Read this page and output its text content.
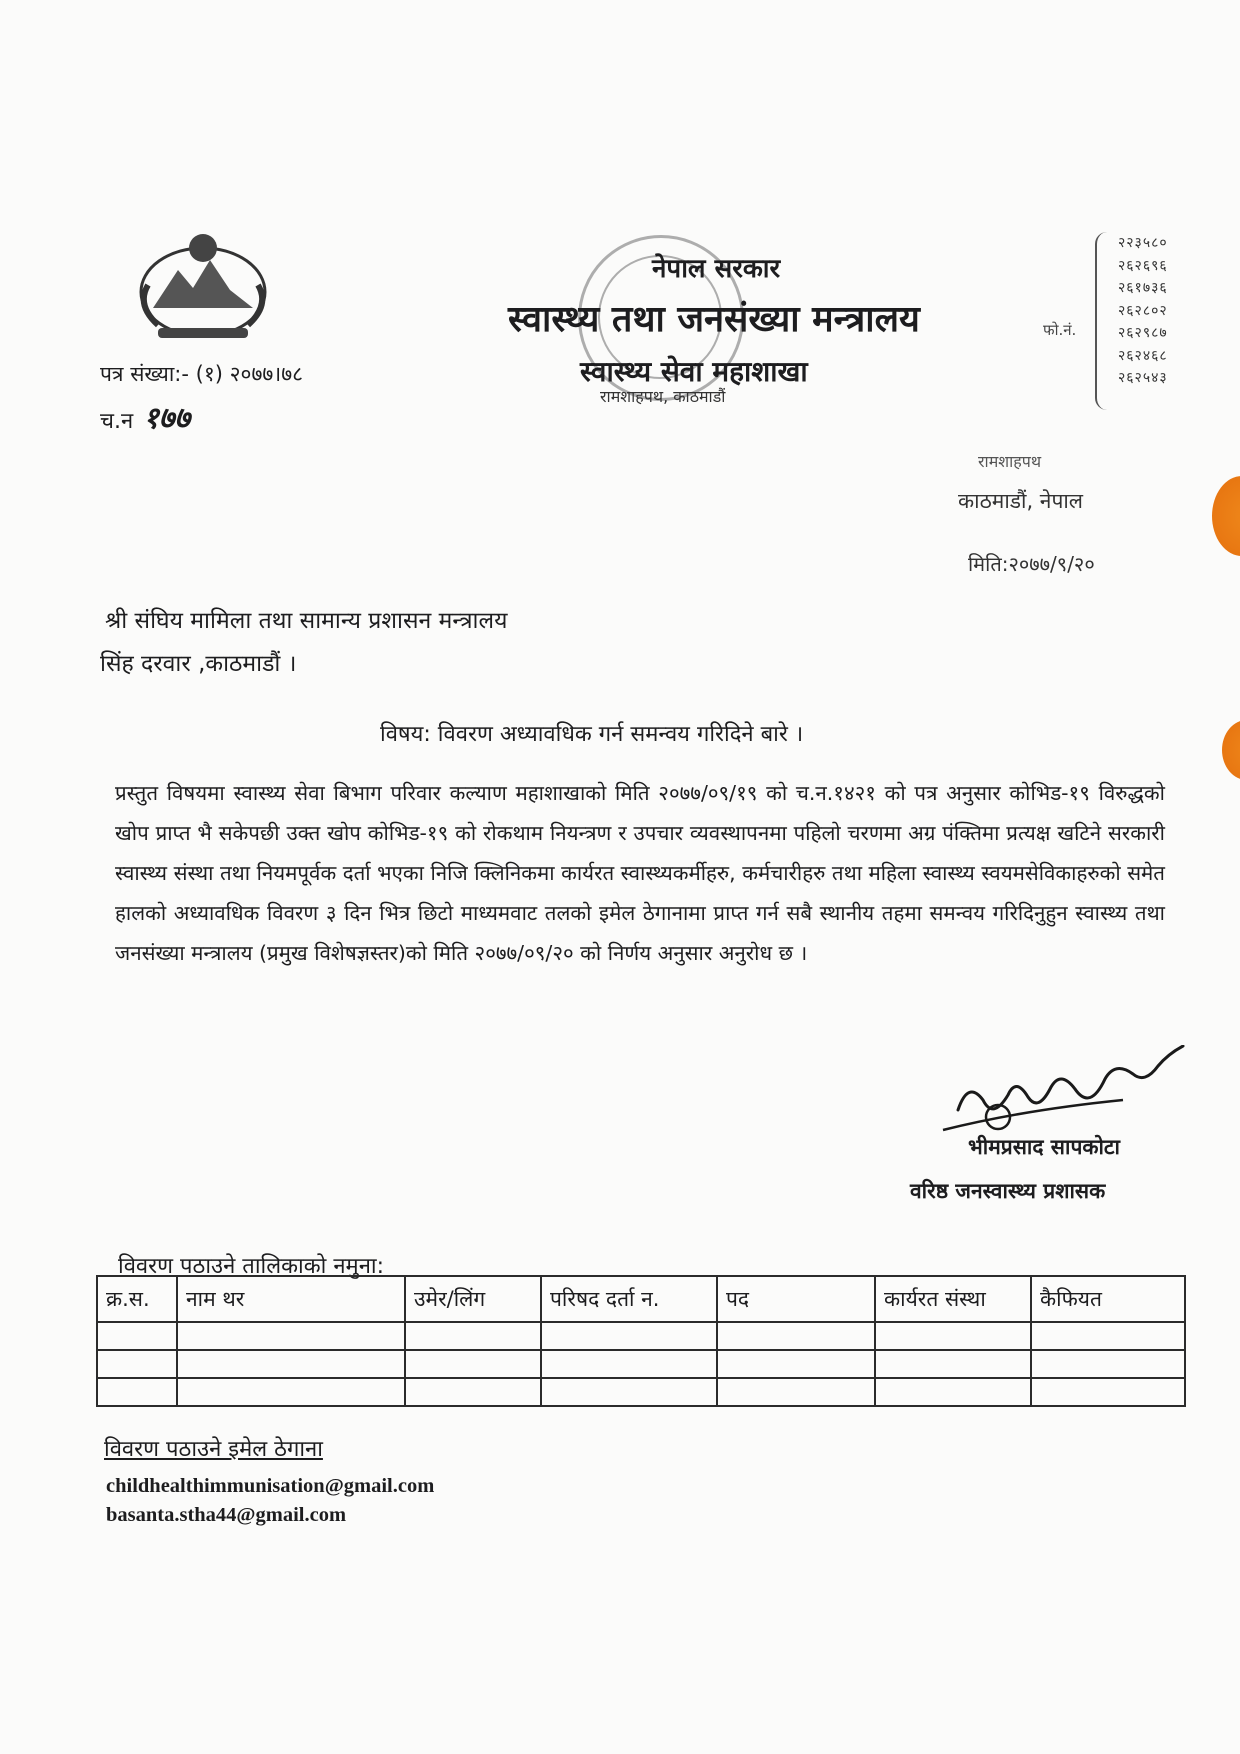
नेपाल सरकार
स्वास्थ्य तथा जनसंख्या मन्त्रालय
स्वास्थ्य सेवा महाशाखा
रामशाहपथ, काठमाडौं
फो.नं.
२२३५८०
२६२६९६
२६१७३६
२६२८०२
२६२९८७
२६२४६८
२६२५४३
पत्र संख्या:- (१) २०७७।७८
च.न १७७
रामशाहपथ
काठमाडौं, नेपाल
मिति:२०७७/९/२०
श्री संघिय मामिला तथा सामान्य प्रशासन मन्त्रालय
सिंह दरवार ,काठमाडौं ।
विषय: विवरण अध्यावधिक गर्न समन्वय गरिदिने बारे ।
प्रस्तुत विषयमा स्वास्थ्य सेवा बिभाग परिवार कल्याण महाशाखाको मिति २०७७/०९/१९ को च.न.१४२१ को पत्र अनुसार कोभिड-१९ विरुद्धको खोप प्राप्त भै सकेपछी उक्त खोप कोभिड-१९ को रोकथाम नियन्त्रण र उपचार व्यवस्थापनमा पहिलो चरणमा अग्र पंक्तिमा प्रत्यक्ष खटिने सरकारी स्वास्थ्य संस्था तथा नियमपूर्वक दर्ता भएका निजि क्लिनिकमा कार्यरत स्वास्थ्यकर्मीहरु, कर्मचारीहरु तथा महिला स्वास्थ्य स्वयमसेविकाहरुको समेत हालको अध्यावधिक विवरण ३ दिन भित्र छिटो माध्यमवाट तलको इमेल ठेगानामा प्राप्त गर्न सबै स्थानीय तहमा समन्वय गरिदिनुहुन स्वास्थ्य तथा जनसंख्या मन्त्रालय (प्रमुख विशेषज्ञस्तर)को मिति २०७७/०९/२० को निर्णय अनुसार अनुरोध छ ।
भीमप्रसाद सापकोटा
वरिष्ठ जनस्वास्थ्य प्रशासक
विवरण पठाउने तालिकाको नमुना:
क्र.स.	नाम थर	उमेर/लिंग	परिषद दर्ता न.	पद	कार्यरत संस्था	कैफियत

विवरण पठाउने इमेल ठेगाना
childhealthimmunisation@gmail.com
basanta.stha44@gmail.com
